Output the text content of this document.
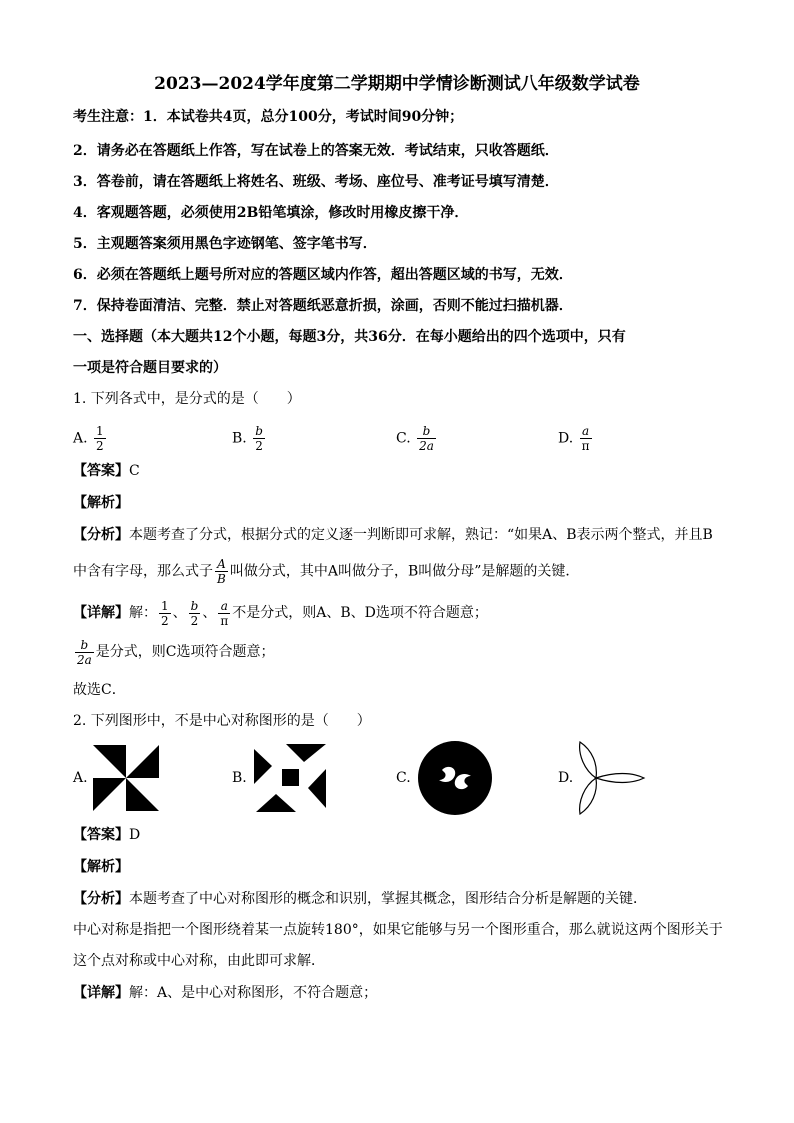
2023—2024学年度第二学期期中学情诊断测试八年级数学试卷
考生注意：1．本试卷共4页，总分100分，考试时间90分钟；
2．请务必在答题纸上作答，写在试卷上的答案无效．考试结束，只收答题纸．
3．答卷前，请在答题纸上将姓名、班级、考场、座位号、准考证号填写清楚．
4．客观题答题，必须使用2B铅笔填涂，修改时用橡皮擦干净．
5．主观题答案须用黑色字迹钢笔、签字笔书写．
6．必须在答题纸上题号所对应的答题区域内作答，超出答题区域的书写，无效．
7．保持卷面清洁、完整．禁止对答题纸恶意折损，涂画，否则不能过扫描机器．
一、选择题（本大题共12个小题，每题3分，共36分．在每小题给出的四个选项中，只有
一项是符合题目要求的）
1. 下列各式中，是分式的是（　　）
A. $\frac{1}{2}$	B. $\frac{b}{2}$	C. $\frac{b}{2a}$	D. $\frac{a}{\pi}$
【答案】C
【解析】
【分析】本题考查了分式，根据分式的定义逐一判断即可求解，熟记：“如果A、B表示两个整式，并且B
中含有字母，那么式子 $\frac{A}{B}$ 叫做分式，其中A叫做分子，B叫做分母”是解题的关键．
【详解】解： $\frac{1}{2}$ 、 $\frac{b}{2}$ 、 $\frac{a}{\pi}$ 不是分式，则A、B、D选项不符合题意；
$\frac{b}{2a}$ 是分式，则C选项符合题意；
故选C．
2. 下列图形中，不是中心对称图形的是（　　）
A.	B.	C.	D.
【答案】D
【解析】
【分析】本题考查了中心对称图形的概念和识别，掌握其概念，图形结合分析是解题的关键．
中心对称是指把一个图形绕着某一点旋转180°，如果它能够与另一个图形重合，那么就说这两个图形关于
这个点对称或中心对称，由此即可求解．
【详解】解：A、是中心对称图形，不符合题意；
